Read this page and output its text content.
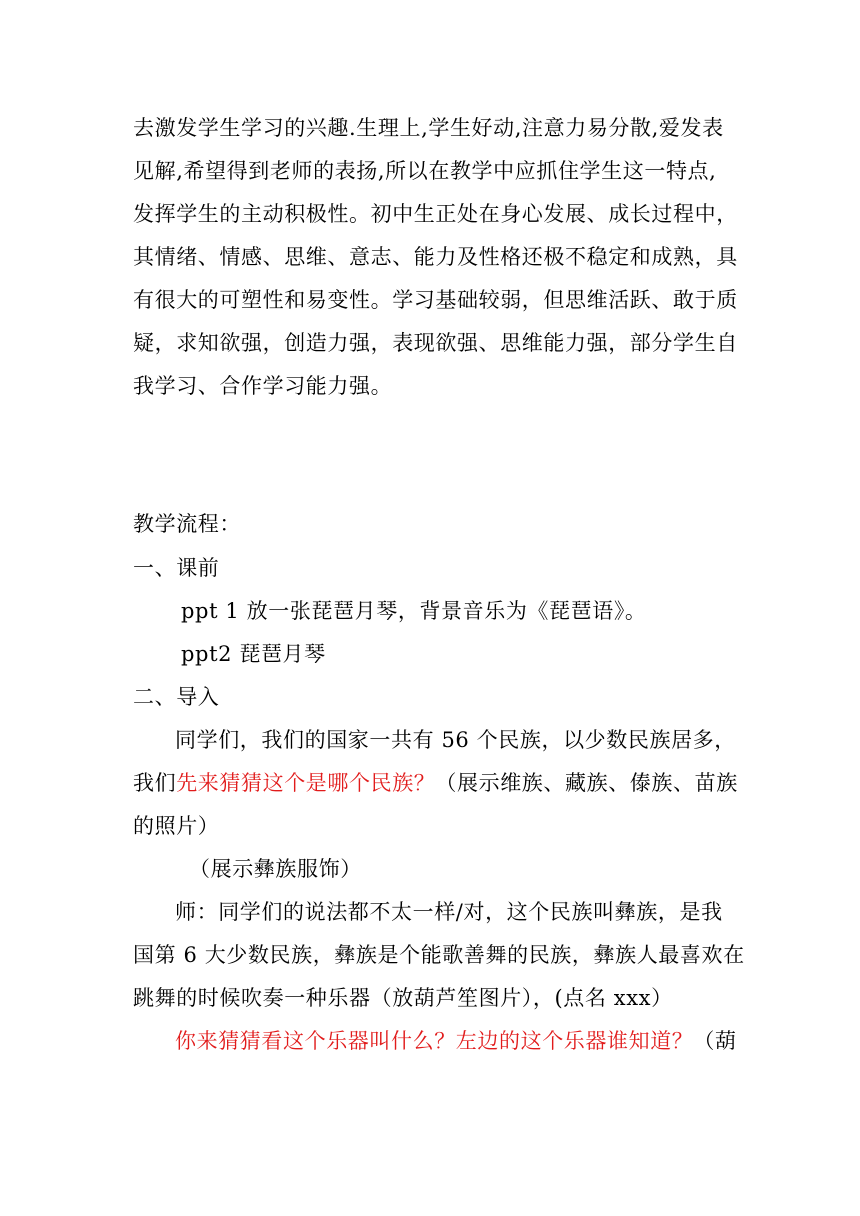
去激发学生学习的兴趣.生理上,学生好动,注意力易分散,爱发表
见解,希望得到老师的表扬,所以在教学中应抓住学生这一特点,
发挥学生的主动积极性。初中生正处在身心发展、成长过程中，
其情绪、情感、思维、意志、能力及性格还极不稳定和成熟，具
有很大的可塑性和易变性。学习基础较弱，但思维活跃、敢于质
疑，求知欲强，创造力强，表现欲强、思维能力强，部分学生自
我学习、合作学习能力强。
教学流程：
一、课前
ppt 1 放一张琵琶月琴，背景音乐为《琵琶语》。
ppt2 琵琶月琴
二、导入
同学们，我们的国家一共有 56 个民族，以少数民族居多，
我们先来猜猜这个是哪个民族？（展示维族、藏族、傣族、苗族
的照片）
（展示彝族服饰）
师：同学们的说法都不太一样/对，这个民族叫彝族，是我
国第 6 大少数民族，彝族是个能歌善舞的民族，彝族人最喜欢在
跳舞的时候吹奏一种乐器（放葫芦笙图片），(点名 xxx）
你来猜猜看这个乐器叫什么？左边的这个乐器谁知道？（葫
